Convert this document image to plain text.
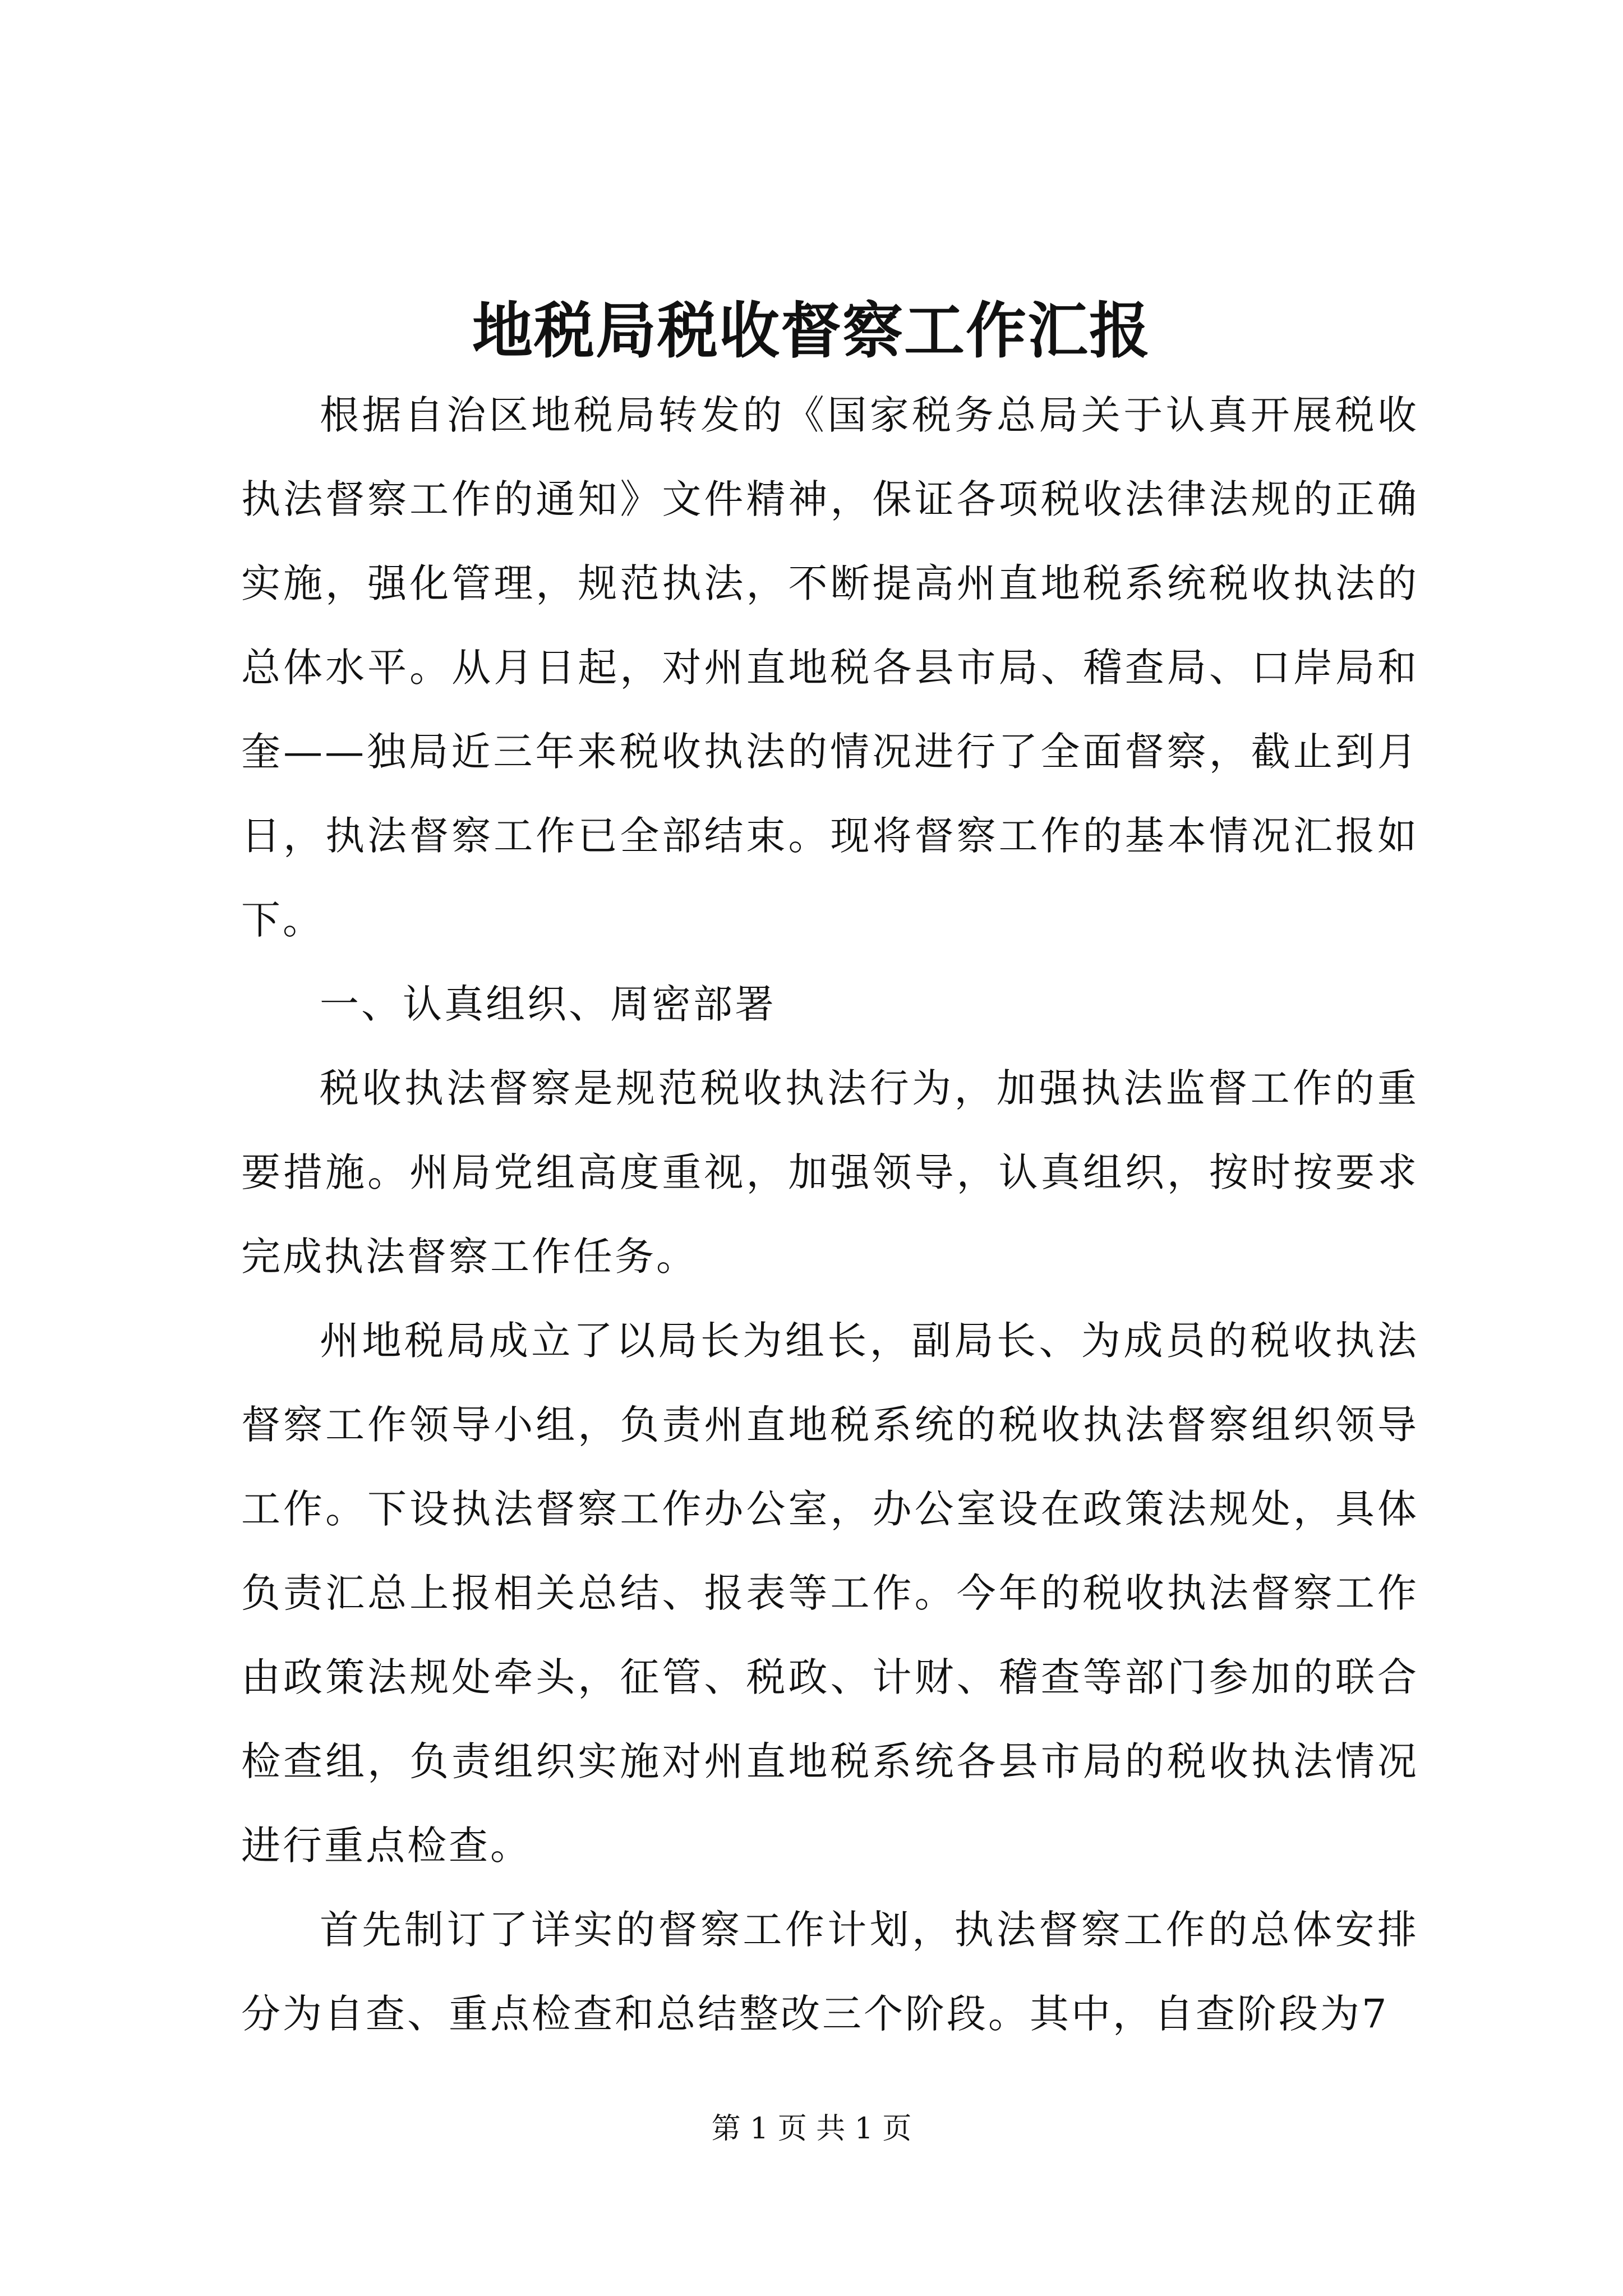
地税局税收督察工作汇报

根据自治区地税局转发的《国家税务总局关于认真开展税收执法督察工作的通知》文件精神，保证各项税收法律法规的正确实施，强化管理，规范执法，不断提高州直地税系统税收执法的总体水平。从月日起，对州直地税各县市局、稽查局、口岸局和奎——独局近三年来税收执法的情况进行了全面督察，截止到月日，执法督察工作已全部结束。现将督察工作的基本情况汇报如下。

一、认真组织、周密部署

税收执法督察是规范税收执法行为，加强执法监督工作的重要措施。州局党组高度重视，加强领导，认真组织，按时按要求完成执法督察工作任务。

州地税局成立了以局长为组长，副局长、为成员的税收执法督察工作领导小组，负责州直地税系统的税收执法督察组织领导工作。下设执法督察工作办公室，办公室设在政策法规处，具体负责汇总上报相关总结、报表等工作。今年的税收执法督察工作由政策法规处牵头，征管、税政、计财、稽查等部门参加的联合检查组，负责组织实施对州直地税系统各县市局的税收执法情况进行重点检查。

首先制订了详实的督察工作计划，执法督察工作的总体安排分为自查、重点检查和总结整改三个阶段。其中，自查阶段为7

第 1 页 共 1 页
